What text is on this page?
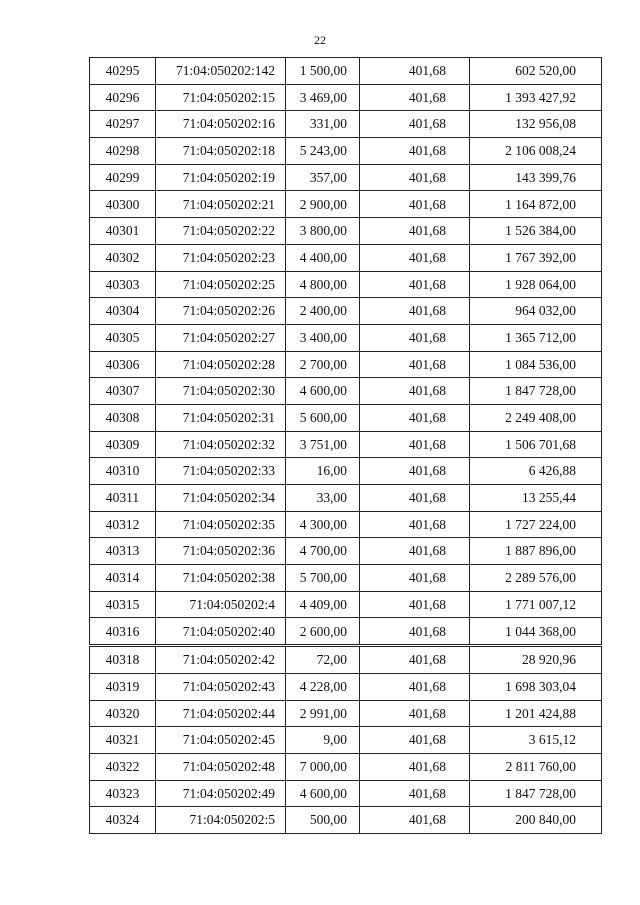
22
40295	71:04:050202:142	1 500,00	401,68	602 520,00
40296	71:04:050202:15	3 469,00	401,68	1 393 427,92
40297	71:04:050202:16	331,00	401,68	132 956,08
40298	71:04:050202:18	5 243,00	401,68	2 106 008,24
40299	71:04:050202:19	357,00	401,68	143 399,76
40300	71:04:050202:21	2 900,00	401,68	1 164 872,00
40301	71:04:050202:22	3 800,00	401,68	1 526 384,00
40302	71:04:050202:23	4 400,00	401,68	1 767 392,00
40303	71:04:050202:25	4 800,00	401,68	1 928 064,00
40304	71:04:050202:26	2 400,00	401,68	964 032,00
40305	71:04:050202:27	3 400,00	401,68	1 365 712,00
40306	71:04:050202:28	2 700,00	401,68	1 084 536,00
40307	71:04:050202:30	4 600,00	401,68	1 847 728,00
40308	71:04:050202:31	5 600,00	401,68	2 249 408,00
40309	71:04:050202:32	3 751,00	401,68	1 506 701,68
40310	71:04:050202:33	16,00	401,68	6 426,88
40311	71:04:050202:34	33,00	401,68	13 255,44
40312	71:04:050202:35	4 300,00	401,68	1 727 224,00
40313	71:04:050202:36	4 700,00	401,68	1 887 896,00
40314	71:04:050202:38	5 700,00	401,68	2 289 576,00
40315	71:04:050202:4	4 409,00	401,68	1 771 007,12
40316	71:04:050202:40	2 600,00	401,68	1 044 368,00
40318	71:04:050202:42	72,00	401,68	28 920,96
40319	71:04:050202:43	4 228,00	401,68	1 698 303,04
40320	71:04:050202:44	2 991,00	401,68	1 201 424,88
40321	71:04:050202:45	9,00	401,68	3 615,12
40322	71:04:050202:48	7 000,00	401,68	2 811 760,00
40323	71:04:050202:49	4 600,00	401,68	1 847 728,00
40324	71:04:050202:5	500,00	401,68	200 840,00
